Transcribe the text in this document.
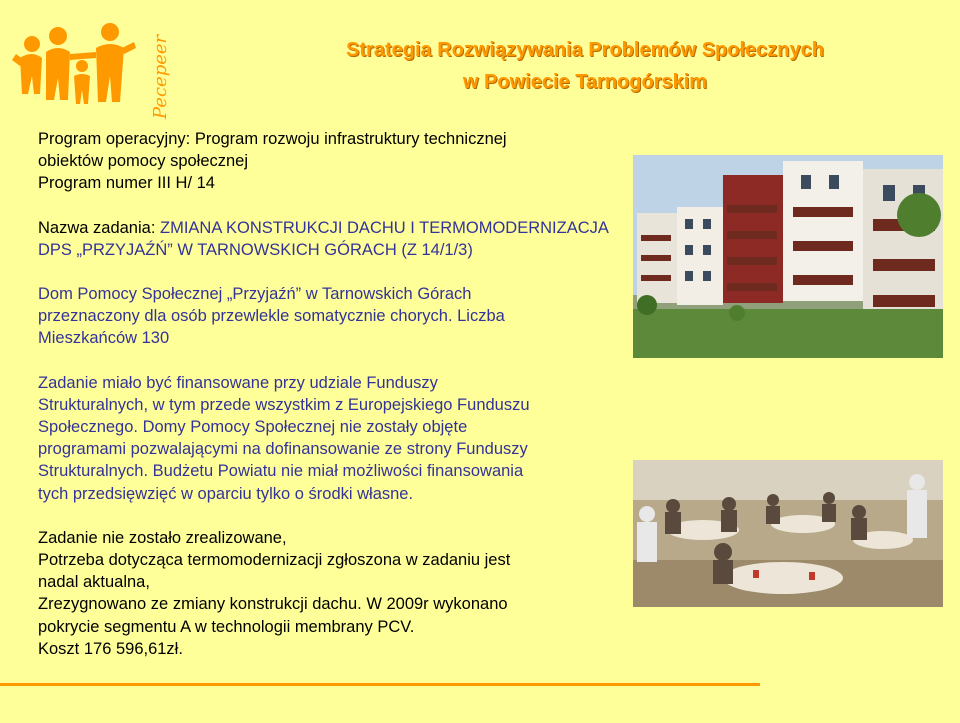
Pecepeer	Strategia Rozwiązywania Problemów Społecznych
w Powiecie Tarnogórskim
Program operacyjny: Program rozwoju infrastruktury technicznej
obiektów pomocy społecznej
Program numer III H/ 14
Nazwa zadania: ZMIANA KONSTRUKCJI DACHU I TERMOMODERNIZACJA DPS „PRZYJAŹŃ” W TARNOWSKICH GÓRACH (Z 14/1/3)
Dom Pomocy Społecznej „Przyjaźń” w Tarnowskich Górach
przeznaczony dla osób przewlekle somatycznie chorych. Liczba
Mieszkańców 130
Zadanie miało być finansowane przy udziale Funduszy
Strukturalnych, w tym przede wszystkim z Europejskiego Funduszu
Społecznego. Domy Pomocy Społecznej nie zostały objęte
programami pozwalającymi na dofinansowanie ze strony Funduszy
Strukturalnych. Budżetu Powiatu nie miał możliwości finansowania
tych przedsięwzięć w oparciu tylko o środki własne.
Zadanie nie zostało zrealizowane,
Potrzeba dotycząca termomodernizacji zgłoszona w zadaniu jest
nadal aktualna,
Zrezygnowano ze zmiany konstrukcji dachu. W 2009r wykonano
pokrycie segmentu A w technologii membrany PCV.
Koszt 176 596,61zł.
